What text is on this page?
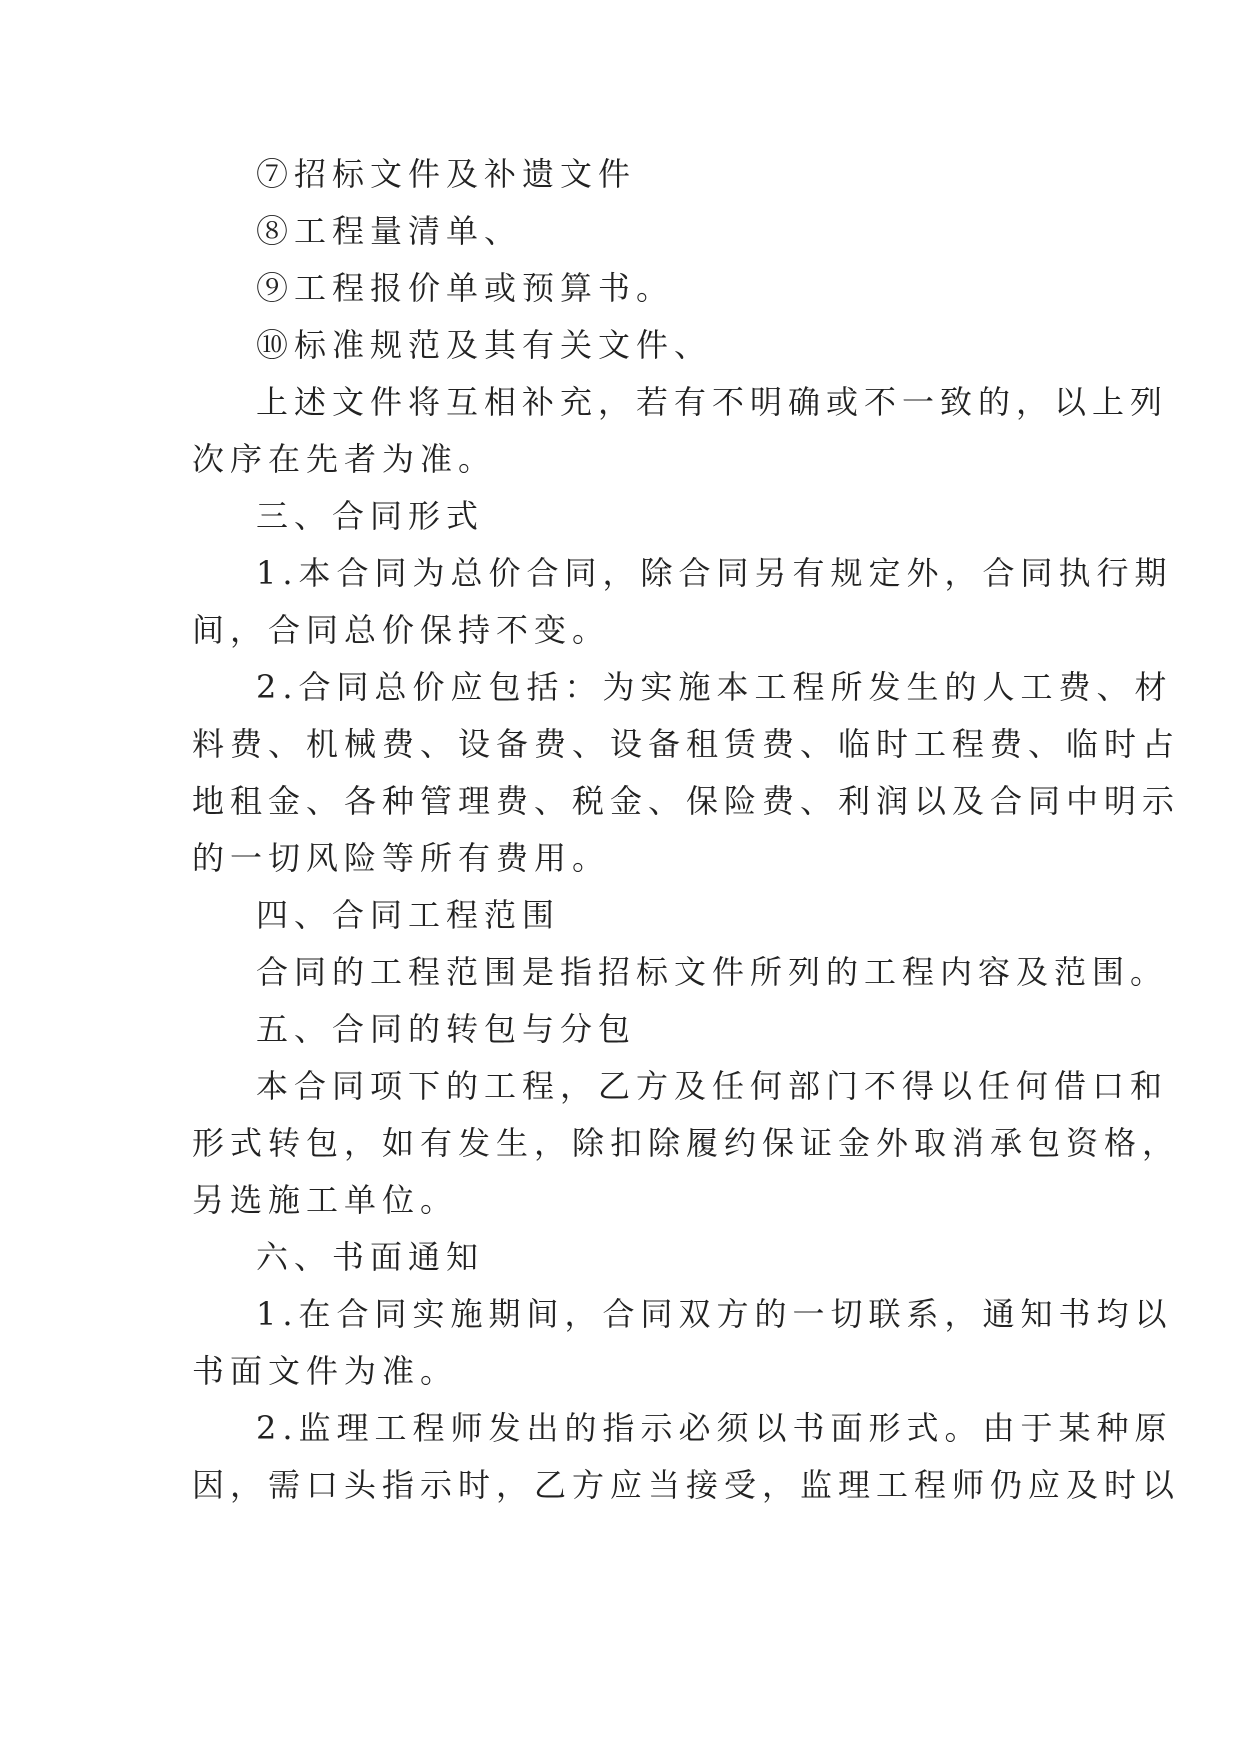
⑦招标文件及补遗文件
⑧工程量清单、
⑨工程报价单或预算书。
⑩标准规范及其有关文件、
上述文件将互相补充，若有不明确或不一致的，以上列
次序在先者为准。
三、合同形式
1.本合同为总价合同，除合同另有规定外，合同执行期
间，合同总价保持不变。
2.合同总价应包括：为实施本工程所发生的人工费、材
料费、机械费、设备费、设备租赁费、临时工程费、临时占
地租金、各种管理费、税金、保险费、利润以及合同中明示
的一切风险等所有费用。
四、合同工程范围
合同的工程范围是指招标文件所列的工程内容及范围。
五、合同的转包与分包
本合同项下的工程，乙方及任何部门不得以任何借口和
形式转包，如有发生，除扣除履约保证金外取消承包资格，
另选施工单位。
六、书面通知
1.在合同实施期间，合同双方的一切联系，通知书均以
书面文件为准。
2.监理工程师发出的指示必须以书面形式。由于某种原
因，需口头指示时，乙方应当接受，监理工程师仍应及时以
